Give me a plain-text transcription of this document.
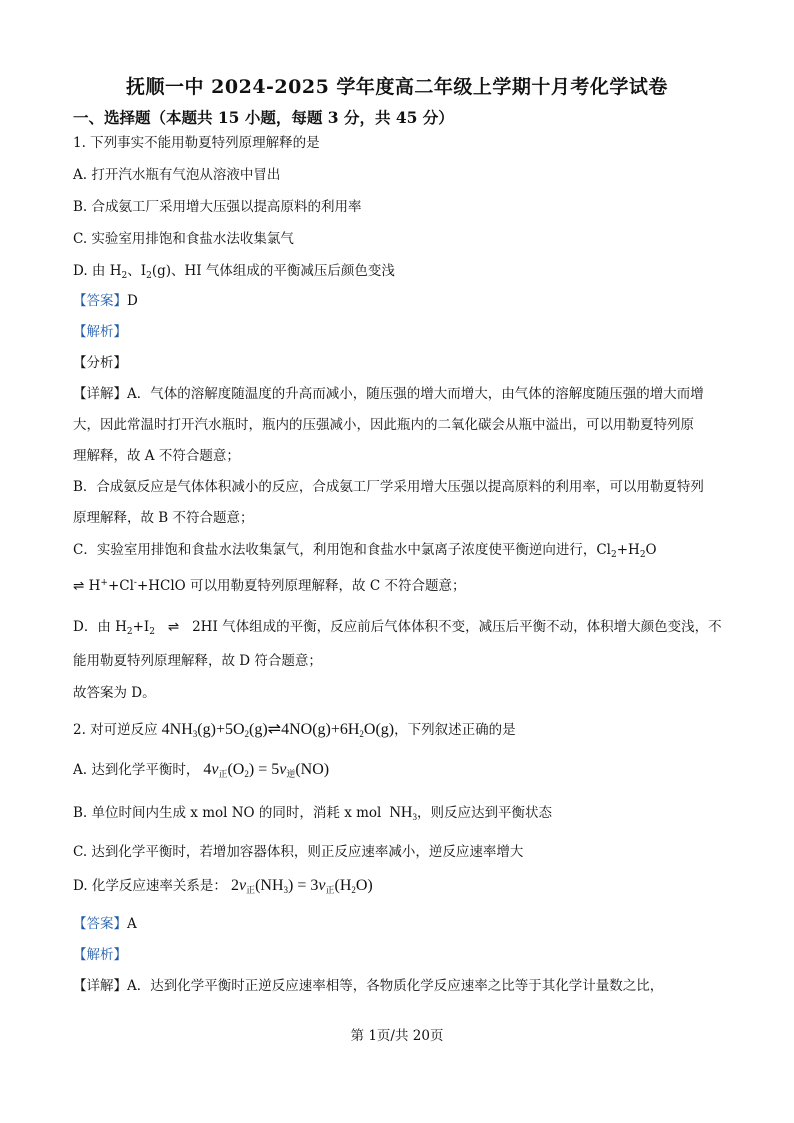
抚顺一中 2024-2025 学年度高二年级上学期十月考化学试卷
一、选择题（本题共 15 小题，每题 3 分，共 45 分）
1. 下列事实不能用勒夏特列原理解释的是
A. 打开汽水瓶有气泡从溶液中冒出
B. 合成氨工厂采用增大压强以提高原料的利用率
C. 实验室用排饱和食盐水法收集氯气
D. 由 $H_2$、$I_2(g)$、HI 气体组成的平衡减压后颜色变浅
【答案】D
【解析】
【分析】
【详解】A．气体的溶解度随温度的升高而减小，随压强的增大而增大，由气体的溶解度随压强的增大而增
大，因此常温时打开汽水瓶时，瓶内的压强减小，因此瓶内的二氧化碳会从瓶中溢出，可以用勒夏特列原
理解释，故 A 不符合题意；
B．合成氨反应是气体体积减小的反应，合成氨工厂学采用增大压强以提高原料的利用率，可以用勒夏特列
原理解释，故 B 不符合题意；
C．实验室用排饱和食盐水法收集氯气，利用饱和食盐水中氯离子浓度使平衡逆向进行，$Cl_2+H_2O$
⇌ H++Cl-+HClO 可以用勒夏特列原理解释，故 C 不符合题意；
D．由 $H_2+I_2$ ⇌ 2HI 气体组成的平衡，反应前后气体体积不变，减压后平衡不动，体积增大颜色变浅，不
能用勒夏特列原理解释，故 D 符合题意；
故答案为 D。
2. 对可逆反应 $4NH_3(g)+5O_2(g)\rightleftharpoons 4NO(g)+6H_2O(g)$，下列叙述正确的是
A. 达到化学平衡时， $4v_正(O_2) = 5v_逆(NO)$
B. 单位时间内生成 x mol NO 的同时，消耗 x mol $NH_3$，则反应达到平衡状态
C. 达到化学平衡时，若增加容器体积，则正反应速率减小，逆反应速率增大
D. 化学反应速率关系是： $2v_正(NH_3) = 3v_正(H_2O)$
【答案】A
【解析】
【详解】A．达到化学平衡时正逆反应速率相等，各物质化学反应速率之比等于其化学计量数之比，
第 1页/共 20页
